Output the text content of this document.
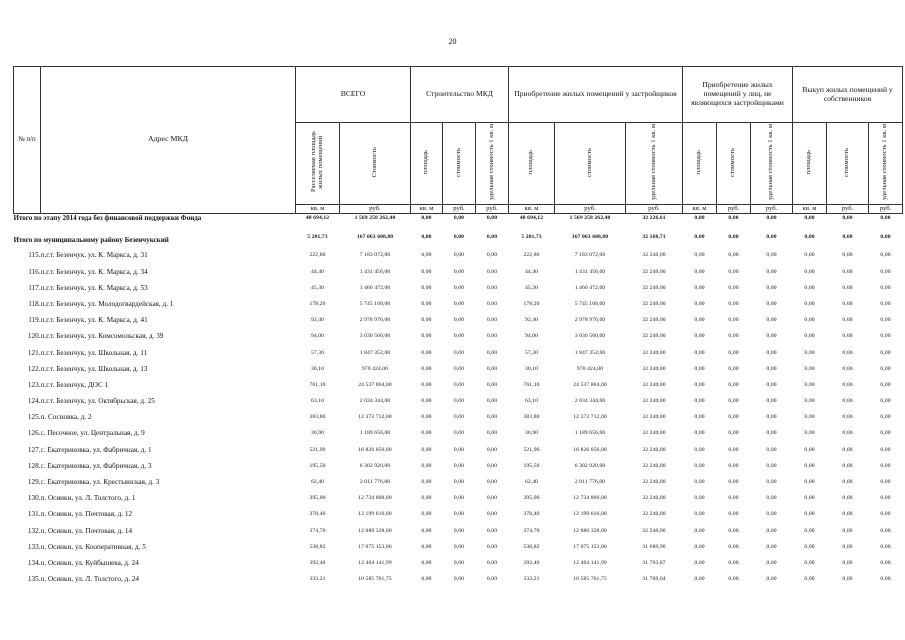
20
№ п/п	Адрес МКД	ВСЕГО		Строительство МКД			Приобретение жилых помещений у застройщиков			Приобретение жилых помещений у лиц, не являющихся застройщиками			Выкуп жилых помещений у собственников		
		Расселяемая площадь жилых помещений	Стоимость	площадь	стоимость	удельная стоимость 1 кв. м	площадь	стоимость	удельная стоимость 1 кв. м	площадь	стоимость	удельная стоимость 1 кв. м	площадь	стоимость	удельная стоимость 1 кв. м
		кв. м	руб.	кв. м	руб.	руб.	кв. м	руб.	руб.	кв. м	руб.	руб.	кв. м	руб.	руб.
Итого по этапу 2014 года без финансовой поддержки Фонда		48 694,12	1 569 258 262,40	0,00	0,00	0,00	48 694,12	1 569 258 262,40	32 226,61	0,00	0,00	0,00	0,00	0,00	0,00
Итого по муниципальному району Безенчукский		5 201,73	167 063 608,80	0,00	0,00	0,00	5 201,73	167 063 608,80	32 168,71	0,00	0,00	0,00	0,00	0,00	0,00
115.	п.г.т. Безенчук, ул. К. Маркса, д. 31	222,80	7 183 072,00	0,00	0,00	0,00	222,80	7 183 072,00	32 240,00	0,00	0,00	0,00	0,00	0,00	0,00
116.	п.г.т. Безенчук, ул. К. Маркса, д. 34	44,40	1 431 456,00	0,00	0,00	0,00	44,40	1 431 456,00	32 240,00	0,00	0,00	0,00	0,00	0,00	0,00
117.	п.г.т. Безенчук, ул. К. Маркса, д. 53	45,30	1 460 472,00	0,00	0,00	0,00	45,30	1 460 472,00	32 240,00	0,00	0,00	0,00	0,00	0,00	0,00
118.	п.г.т. Безенчук, ул. Молодогвардейская, д. 1	178,20	5 745 168,00	0,00	0,00	0,00	178,20	5 745 168,00	32 240,00	0,00	0,00	0,00	0,00	0,00	0,00
119.	п.г.т. Безенчук, ул. К. Маркса, д. 41	92,40	2 978 976,00	0,00	0,00	0,00	92,40	2 978 976,00	32 240,00	0,00	0,00	0,00	0,00	0,00	0,00
120.	п.г.т. Безенчук, ул. Комсомольская, д. 39	94,00	3 030 560,00	0,00	0,00	0,00	94,00	3 030 560,00	32 240,00	0,00	0,00	0,00	0,00	0,00	0,00
121.	п.г.т. Безенчук, ул. Школьная, д. 11	57,30	1 847 352,00	0,00	0,00	0,00	57,30	1 847 352,00	32 240,00	0,00	0,00	0,00	0,00	0,00	0,00
122.	п.г.т. Безенчук, ул. Школьная, д. 13	30,10	970 424,00	0,00	0,00	0,00	30,10	970 424,00	32 240,00	0,00	0,00	0,00	0,00	0,00	0,00
123.	п.г.т. Безенчук, ДОС 1	761,10	24 537 864,00	0,00	0,00	0,00	761,10	24 537 864,00	32 240,00	0,00	0,00	0,00	0,00	0,00	0,00
124.	п.г.т. Безенчук, ул. Октябрьская, д. 25	63,10	2 034 344,00	0,00	0,00	0,00	63,10	2 034 344,00	32 240,00	0,00	0,00	0,00	0,00	0,00	0,00
125.	п. Сосновка, д. 2	383,80	12 373 712,00	0,00	0,00	0,00	383,80	12 373 712,00	32 240,00	0,00	0,00	0,00	0,00	0,00	0,00
126.	с. Песочное, ул. Центральная, д. 9	36,90	1 189 656,00	0,00	0,00	0,00	36,90	1 189 656,00	32 240,00	0,00	0,00	0,00	0,00	0,00	0,00
127.	с. Екатериновка, ул. Фабричная, д. 1	521,90	16 826 056,00	0,00	0,00	0,00	521,90	16 826 056,00	32 240,00	0,00	0,00	0,00	0,00	0,00	0,00
128.	с. Екатериновка, ул. Фабричная, д. 3	195,50	6 302 920,00	0,00	0,00	0,00	195,50	6 302 920,00	32 240,00	0,00	0,00	0,00	0,00	0,00	0,00
129.	с. Екатериновка, ул. Крестьянская, д. 3	62,40	2 011 776,00	0,00	0,00	0,00	62,40	2 011 776,00	32 240,00	0,00	0,00	0,00	0,00	0,00	0,00
130.	п. Осинки, ул. Л. Толстого, д. 1	395,00	12 734 800,00	0,00	0,00	0,00	395,00	12 734 800,00	32 240,00	0,00	0,00	0,00	0,00	0,00	0,00
131.	п. Осинки, ул. Почтовая, д. 12	378,40	12 199 616,00	0,00	0,00	0,00	378,40	12 199 616,00	32 240,00	0,00	0,00	0,00	0,00	0,00	0,00
132.	п. Осинки, ул. Почтовая, д. 14	374,70	12 080 328,00	0,00	0,00	0,00	374,70	12 080 328,00	32 240,00	0,00	0,00	0,00	0,00	0,00	0,00
133.	п. Осинки, ул. Кооперативная, д. 5	538,82	17 075 153,06	0,00	0,00	0,00	538,82	17 075 153,06	31 689,90	0,00	0,00	0,00	0,00	0,00	0,00
134.	п. Осинки, ул. Куйбышева, д. 24	392,40	12 464 141,99	0,00	0,00	0,00	392,40	12 464 141,99	31 763,87	0,00	0,00	0,00	0,00	0,00	0,00
135.	п. Осинки, ул. Л. Толстого, д. 24	333,21	10 585 761,75	0,00	0,00	0,00	333,21	10 585 761,75	31 769,04	0,00	0,00	0,00	0,00	0,00	0,00
